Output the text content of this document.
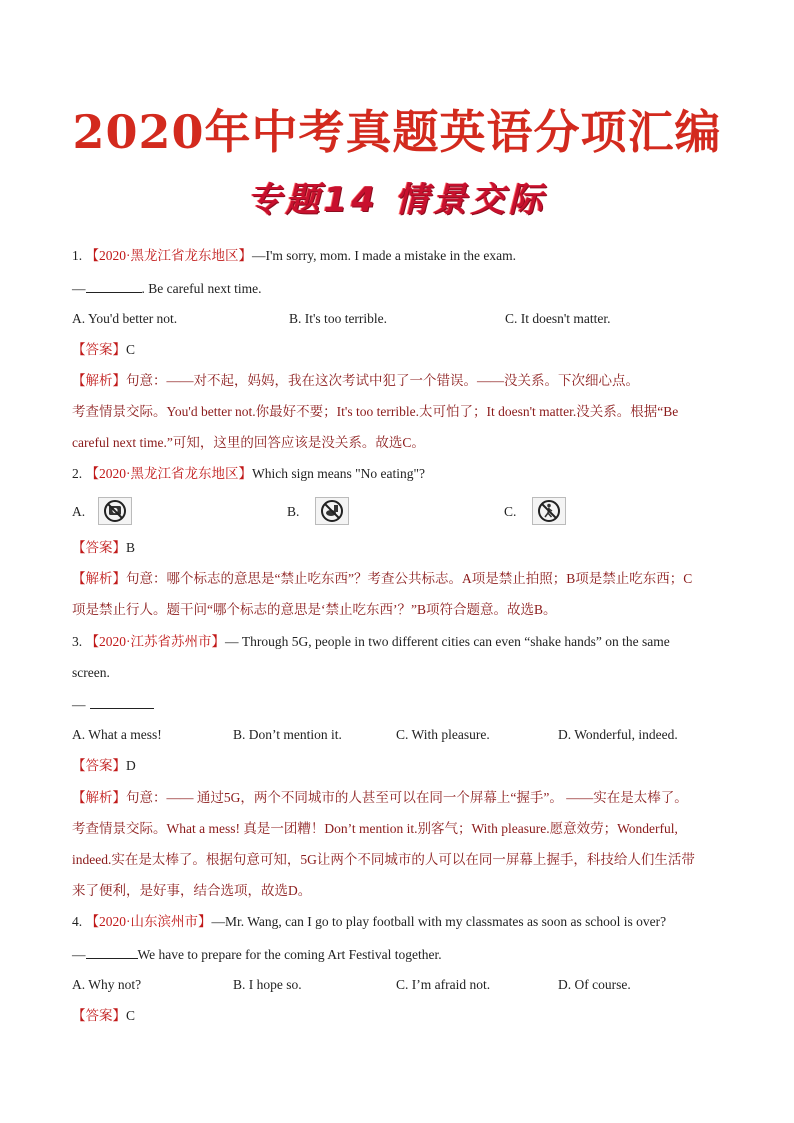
2020年中考真题英语分项汇编
专题14 情景交际
1. 【2020·黑龙江省龙东地区】—I'm sorry, mom. I made a mistake in the exam.
—	. Be careful next time.
A. You'd better not.	B. It's too terrible.	C. It doesn't matter.
【答案】C
【解析】句意：——对不起，妈妈，我在这次考试中犯了一个错误。——没关系。下次细心点。
考查情景交际。You'd better not.你最好不要；It's too terrible.太可怕了；It doesn't matter.没关系。根据“Be
careful next time.”可知，这里的回答应该是没关系。故选C。
2. 【2020·黑龙江省龙东地区】Which sign means "No eating"?
A.	B.	C.
【答案】B
【解析】句意：哪个标志的意思是“禁止吃东西”？考查公共标志。A项是禁止拍照；B项是禁止吃东西；C
项是禁止行人。题干问“哪个标志的意思是‘禁止吃东西’？”B项符合题意。故选B。
3. 【2020·江苏省苏州市】— Through 5G, people in two different cities can even “shake hands” on the same
screen.
—
A. What a mess!	B. Don’t mention it.	C. With pleasure.	D. Wonderful, indeed.
【答案】D
【解析】句意：—— 通过5G，两个不同城市的人甚至可以在同一个屏幕上“握手”。 ——实在是太棒了。
考查情景交际。What a mess! 真是一团糟！Don’t mention it.别客气；With pleasure.愿意效劳；Wonderful,
indeed.实在是太棒了。根据句意可知，5G让两个不同城市的人可以在同一屏幕上握手，科技给人们生活带
来了便利，是好事，结合选项，故选D。
4. 【2020·山东滨州市】—Mr. Wang, can I go to play football with my classmates as soon as school is over?
—	We have to prepare for the coming Art Festival together.
A. Why not?	B. I hope so.	C. I’m afraid not.	D. Of course.
【答案】C
